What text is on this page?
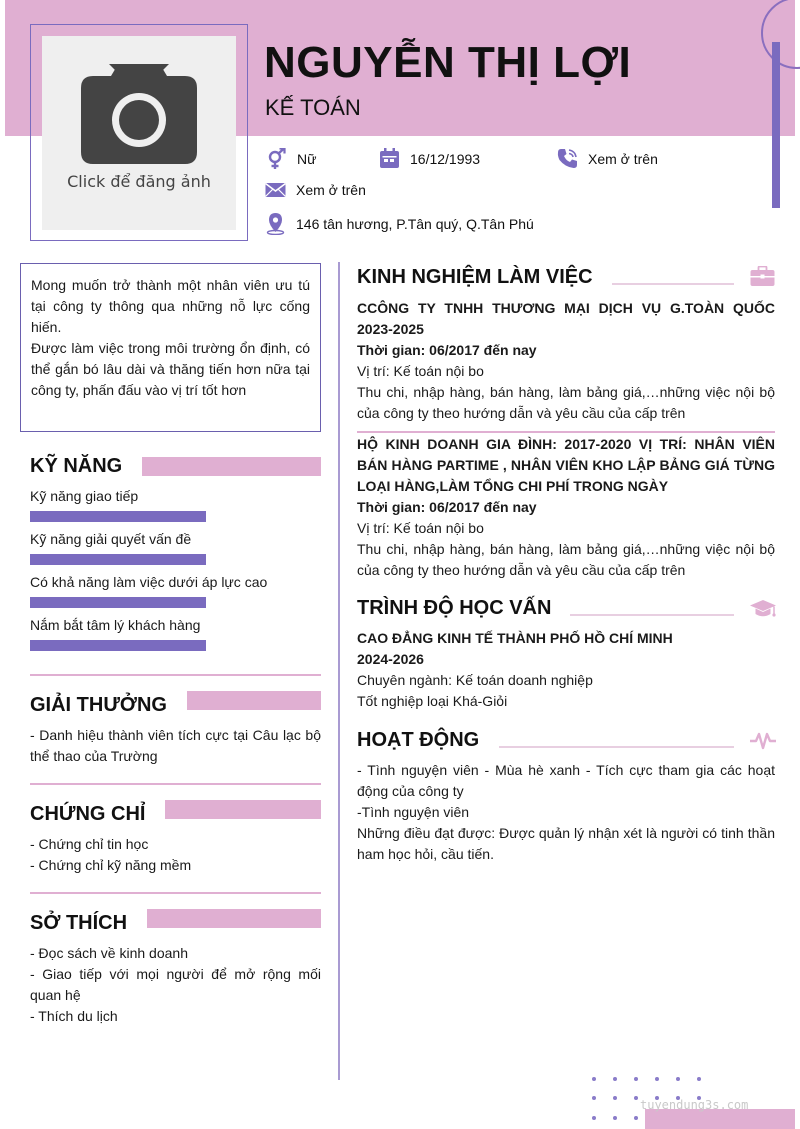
Click để đăng ảnh
NGUYỄN THỊ LỢI
KẾ TOÁN
Nữ	16/12/1993	Xem ở trên
Xem ở trên
146 tân hương, P.Tân quý, Q.Tân Phú
Mong muốn trở thành một nhân viên ưu tú tại công ty thông qua những nỗ lực cống hiến.
Được làm việc trong môi trường ổn định, có thể gắn bó lâu dài và thăng tiến hơn nữa tại công ty, phấn đấu vào vị trí tốt hơn
KỸ NĂNG
Kỹ năng giao tiếp
Kỹ năng giải quyết vấn đề
Có khả năng làm việc dưới áp lực cao
Nắm bắt tâm lý khách hàng
GIẢI THƯỞNG
- Danh hiệu thành viên tích cực tại Câu lạc bộ thể thao của Trường
CHỨNG CHỈ
- Chứng chỉ tin học
- Chứng chỉ kỹ năng mềm
SỞ THÍCH
- Đọc sách về kinh doanh
- Giao tiếp với mọi người để mở rộng mối quan hệ
- Thích du lịch
KINH NGHIỆM LÀM VIỆC
CCÔNG TY TNHH THƯƠNG MẠI DỊCH VỤ G.TOÀN QUỐC 2023-2025
Thời gian: 06/2017 đến nay
Vị trí: Kế toán nội bo
Thu chi, nhập hàng, bán hàng, làm bảng giá,…những việc nội bộ của công ty theo hướng dẫn và yêu cầu của cấp trên
HỘ KINH DOANH GIA ĐÌNH: 2017-2020 VỊ TRÍ: NHÂN VIÊN BÁN HÀNG PARTIME , NHÂN VIÊN KHO LẬP BẢNG GIÁ TỪNG LOẠI HÀNG,LÀM TỔNG CHI PHÍ TRONG NGÀY
Thời gian: 06/2017 đến nay
Vị trí: Kế toán nội bo
Thu chi, nhập hàng, bán hàng, làm bảng giá,…những việc nội bộ của công ty theo hướng dẫn và yêu cầu của cấp trên
TRÌNH ĐỘ HỌC VẤN
CAO ĐẲNG KINH TẾ THÀNH PHỐ HỒ CHÍ MINH
2024-2026
Chuyên ngành: Kế toán doanh nghiệp
Tốt nghiệp loại Khá-Giỏi
HOẠT ĐỘNG
- Tình nguyện viên - Mùa hè xanh - Tích cực tham gia các hoạt động của công ty
-Tình nguyện viên
Những điều đạt được: Được quản lý nhận xét là người có tinh thần ham học hỏi, cầu tiến.
tuyendung3s.com
